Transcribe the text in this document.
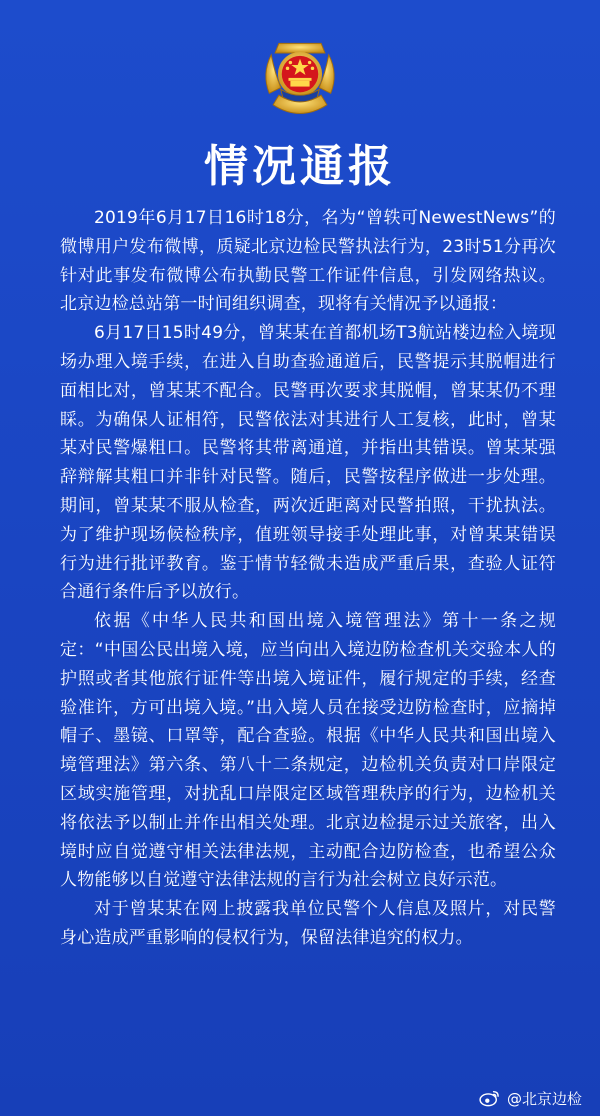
情况通报

2019年6月17日16时18分，名为“曾轶可NewestNews”的微博用户发布微博，质疑北京边检民警执法行为，23时51分再次针对此事发布微博公布执勤民警工作证件信息，引发网络热议。北京边检总站第一时间组织调查，现将有关情况予以通报：

6月17日15时49分，曾某某在首都机场T3航站楼边检入境现场办理入境手续，在进入自助查验通道后，民警提示其脱帽进行面相比对，曾某某不配合。民警再次要求其脱帽，曾某某仍不理睬。为确保人证相符，民警依法对其进行人工复核，此时，曾某某对民警爆粗口。民警将其带离通道，并指出其错误。曾某某强辞辩解其粗口并非针对民警。随后，民警按程序做进一步处理。期间，曾某某不服从检查，两次近距离对民警拍照，干扰执法。为了维护现场候检秩序，值班领导接手处理此事，对曾某某错误行为进行批评教育。鉴于情节轻微未造成严重后果，查验人证符合通行条件后予以放行。

依据《中华人民共和国出境入境管理法》第十一条之规定：“中国公民出境入境，应当向出入境边防检查机关交验本人的护照或者其他旅行证件等出境入境证件，履行规定的手续，经查验准许，方可出境入境。”出入境人员在接受边防检查时，应摘掉帽子、墨镜、口罩等，配合查验。根据《中华人民共和国出境入境管理法》第六条、第八十二条规定，边检机关负责对口岸限定区域实施管理，对扰乱口岸限定区域管理秩序的行为，边检机关将依法予以制止并作出相关处理。北京边检提示过关旅客，出入境时应自觉遵守相关法律法规，主动配合边防检查，也希望公众人物能够以自觉遵守法律法规的言行为社会树立良好示范。

对于曾某某在网上披露我单位民警个人信息及照片，对民警身心造成严重影响的侵权行为，保留法律追究的权力。

@北京边检
